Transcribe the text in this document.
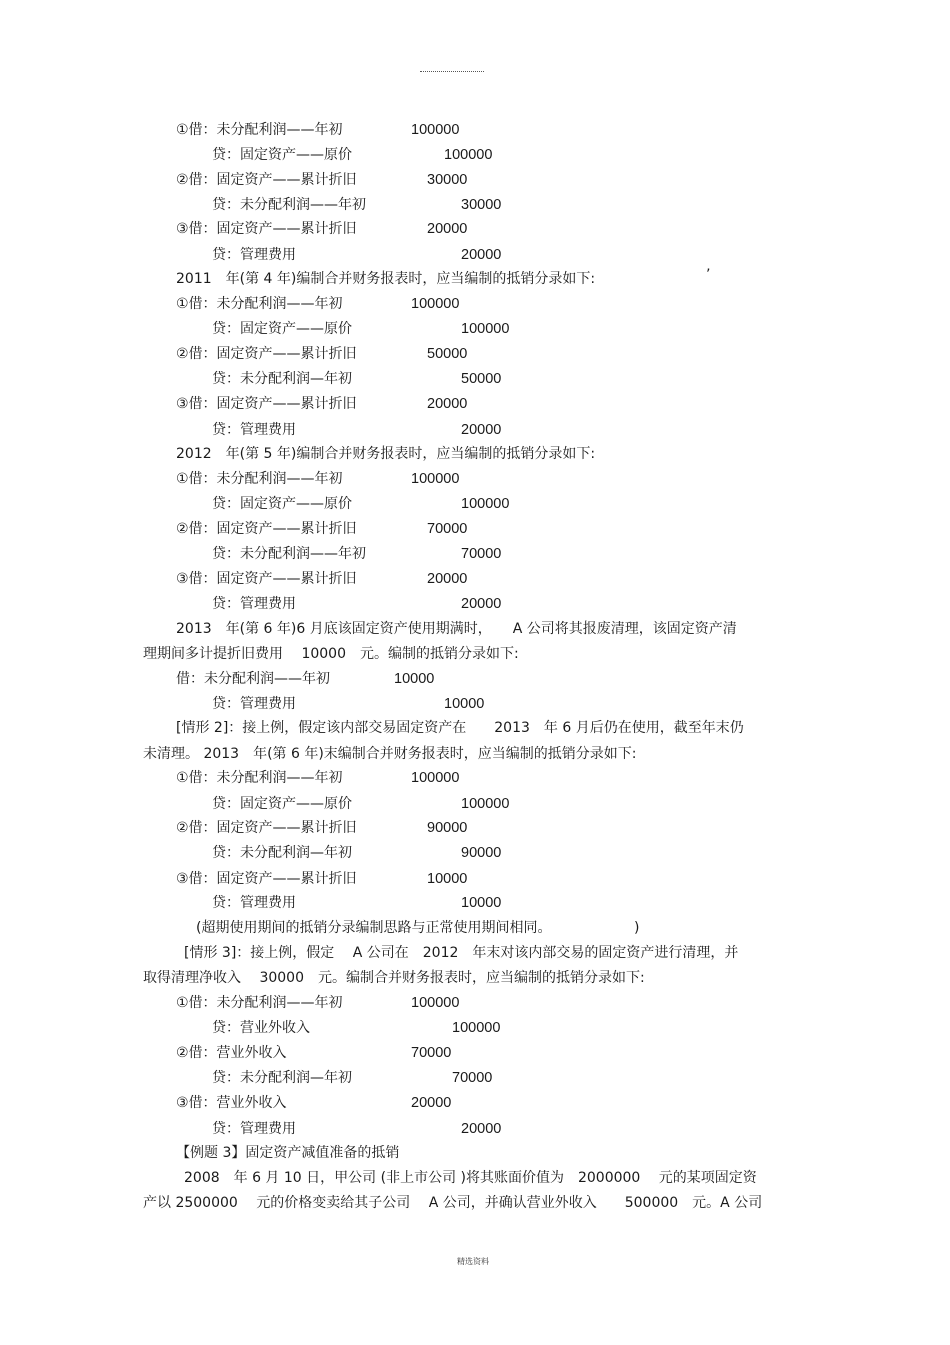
①借：未分配利润——年初	100000
贷：固定资产——原价	100000
②借：固定资产——累计折旧	30000
贷：未分配利润——年初	30000
③借：固定资产——累计折旧	20000
贷：管理费用	20000
2011　年(第 4 年)编制合并财务报表时，应当编制的抵销分录如下:	’
①借：未分配利润——年初	100000
贷：固定资产——原价	100000
②借：固定资产——累计折旧	50000
贷：未分配利润—年初	50000
③借：固定资产——累计折旧	20000
贷：管理费用	20000
2012　年(第 5 年)编制合并财务报表时，应当编制的抵销分录如下:
①借：未分配利润——年初	100000
贷：固定资产——原价	100000
②借：固定资产——累计折旧	70000
贷：未分配利润——年初	70000
③借：固定资产——累计折旧	20000
贷：管理费用	20000
2013　年(第 6 年)6 月底该固定资产使用期满时，　　A 公司将其报废清理，该固定资产清
理期间多计提折旧费用　 10000　元。编制的抵销分录如下:
借：未分配利润——年初	10000
贷：管理费用	10000
[情形 2]：接上例，假定该内部交易固定资产在　　2013　年 6 月后仍在使用，截至年末仍
未清理。 2013　年(第 6 年)末编制合并财务报表时，应当编制的抵销分录如下:
①借：未分配利润——年初	100000
贷：固定资产——原价	100000
②借：固定资产——累计折旧	90000
贷：未分配利润—年初	90000
③借：固定资产——累计折旧	10000
贷：管理费用	10000
(超期使用期间的抵销分录编制思路与正常使用期间相同。	)
[情形 3]：接上例，假定　 A 公司在　2012　年末对该内部交易的固定资产进行清理，并
取得清理净收入　 30000　元。编制合并财务报表时，应当编制的抵销分录如下:
①借：未分配利润——年初	100000
贷：营业外收入	100000
②借：营业外收入	70000
贷：未分配利润—年初	70000
③借：营业外收入	20000
贷：管理费用	20000
【例题 3】固定资产减值准备的抵销
2008　年 6 月 10 日，甲公司 (非上市公司 )将其账面价值为　2000000　 元的某项固定资
产以 2500000　 元的价格变卖给其子公司　 A 公司，并确认营业外收入　　500000　元。A 公司
精选资料
